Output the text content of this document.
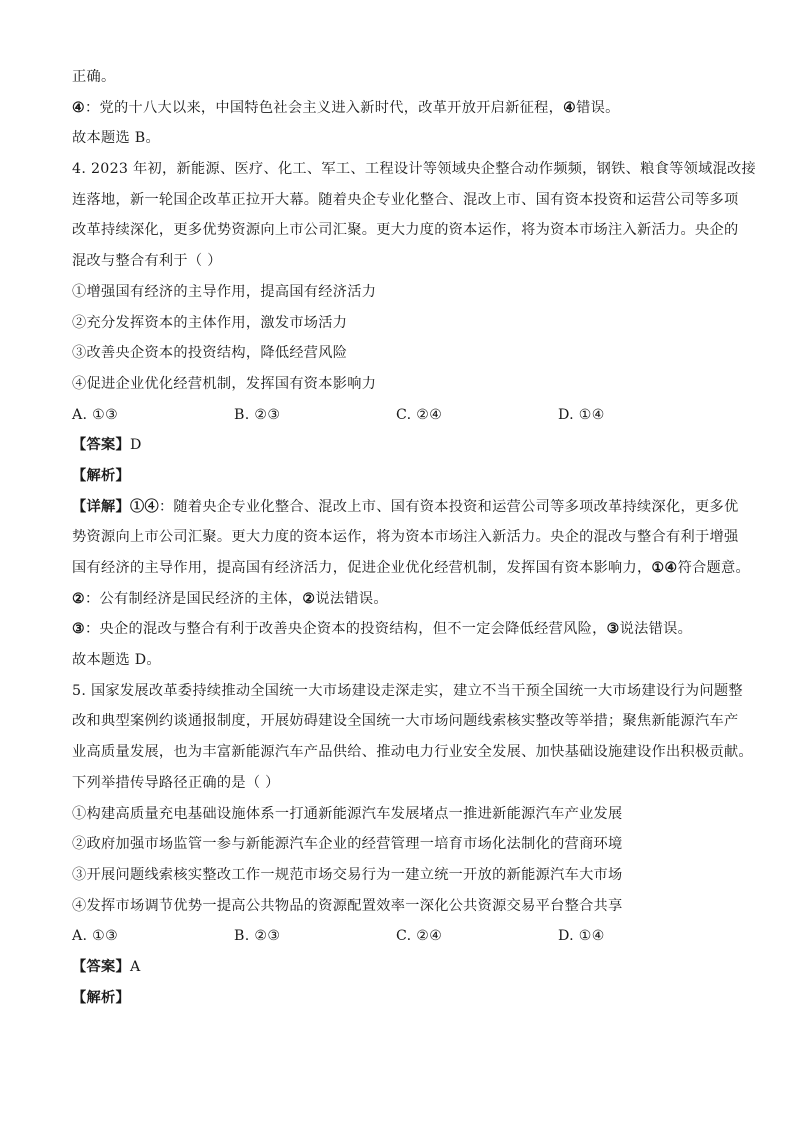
正确。
④：党的十八大以来，中国特色社会主义进入新时代，改革开放开启新征程，④错误。
故本题选 B。
4. 2023 年初，新能源、医疗、化工、军工、工程设计等领域央企整合动作频频，钢铁、粮食等领域混改接
连落地，新一轮国企改革正拉开大幕。随着央企专业化整合、混改上市、国有资本投资和运营公司等多项
改革持续深化，更多优势资源向上市公司汇聚。更大力度的资本运作，将为资本市场注入新活力。央企的
混改与整合有利于（ ）
①增强国有经济的主导作用，提高国有经济活力
②充分发挥资本的主体作用，激发市场活力
③改善央企资本的投资结构，降低经营风险
④促进企业优化经营机制，发挥国有资本影响力
A. ①③	B. ②③	C. ②④	D. ①④
【答案】D
【解析】
【详解】①④：随着央企专业化整合、混改上市、国有资本投资和运营公司等多项改革持续深化，更多优
势资源向上市公司汇聚。更大力度的资本运作，将为资本市场注入新活力。央企的混改与整合有利于增强
国有经济的主导作用，提高国有经济活力，促进企业优化经营机制，发挥国有资本影响力，①④符合题意。
②：公有制经济是国民经济的主体，②说法错误。
③：央企的混改与整合有利于改善央企资本的投资结构，但不一定会降低经营风险，③说法错误。
故本题选 D。
5. 国家发展改革委持续推动全国统一大市场建设走深走实，建立不当干预全国统一大市场建设行为问题整
改和典型案例约谈通报制度，开展妨碍建设全国统一大市场问题线索核实整改等举措；聚焦新能源汽车产
业高质量发展，也为丰富新能源汽车产品供给、推动电力行业安全发展、加快基础设施建设作出积极贡献。
下列举措传导路径正确的是（ ）
①构建高质量充电基础设施体系一打通新能源汽车发展堵点一推进新能源汽车产业发展
②政府加强市场监管一参与新能源汽车企业的经营管理一培育市场化法制化的营商环境
③开展问题线索核实整改工作一规范市场交易行为一建立统一开放的新能源汽车大市场
④发挥市场调节优势一提高公共物品的资源配置效率一深化公共资源交易平台整合共享
A. ①③	B. ②③	C. ②④	D. ①④
【答案】A
【解析】
